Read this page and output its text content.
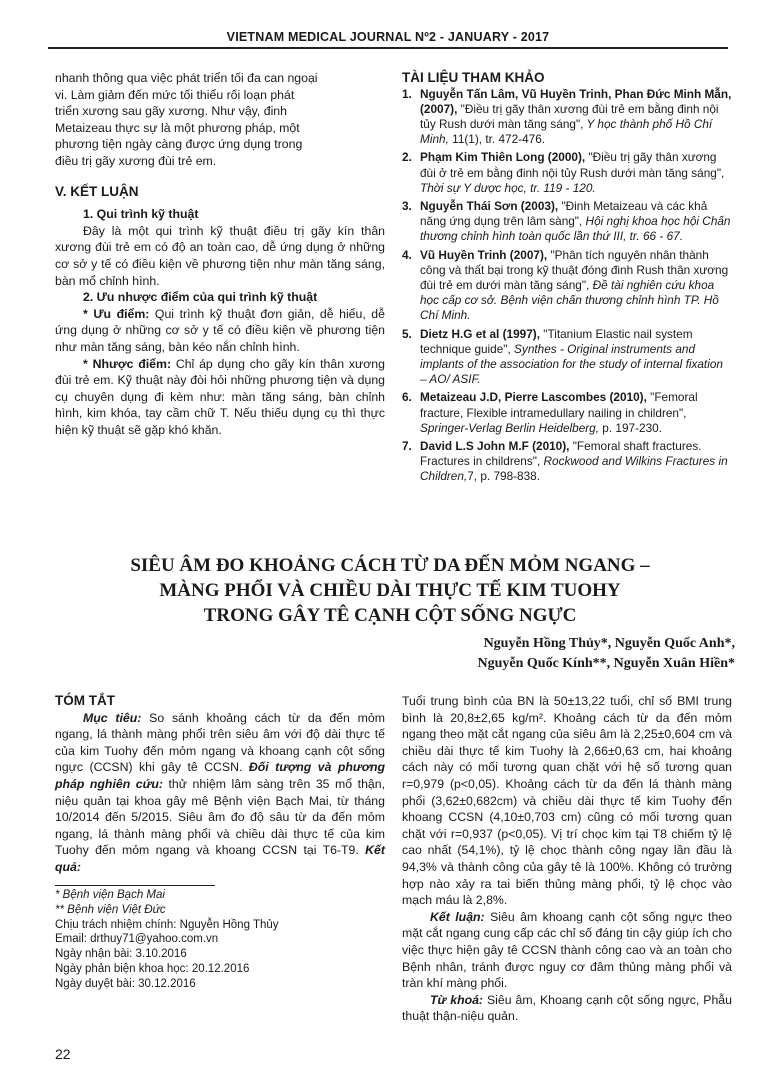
VIETNAM MEDICAL JOURNAL Nº2 - JANUARY - 2017

nhanh thông qua việc phát triển tối đa can ngoại

vi. Làm giảm đến mức tối thiểu rối loạn phát

triển xương sau gãy xương. Như vậy, đinh

Metaizeau thực sự là một phương pháp, một

phương tiện ngày càng được ứng dụng trong

điều trị gãy xương đùi trẻ em.

V. KẾT LUẬN

1. Qui trình kỹ thuật

Đây là một qui trình kỹ thuật điều trị gãy kín thân xương đùi trẻ em có độ an toàn cao, dễ ứng dụng ở những cơ sở y tế có điều kiện về phương tiện như màn tăng sáng, bàn mổ chỉnh hình.

2. Ưu nhược điểm của qui trình kỹ thuật

* Ưu điểm: Qui trình kỹ thuật đơn giản, dễ hiểu, dễ ứng dụng ở những cơ sở y tế có điều kiện về phương tiện như màn tăng sáng, bàn kéo nắn chỉnh hình.

* Nhược điểm: Chỉ áp dụng cho gãy kín thân xương đùi trẻ em. Kỹ thuật này đòi hỏi những phương tiện và dụng cụ chuyên dụng đi kèm như: màn tăng sáng, bàn chỉnh hình, kim khóa, tay cầm chữ T. Nếu thiếu dụng cụ thì thực hiện kỹ thuật sẽ gặp khó khăn.

TÀI LIỆU THAM KHẢO

1. Nguyễn Tấn Lâm, Vũ Huyền Trinh, Phan Đức Minh Mẫn, (2007), "Điều trị gãy thân xương đùi trẻ em bằng đinh nội tủy Rush dưới màn tăng sáng", Y học thành phố Hồ Chí Minh, 11(1), tr. 472-476.
2. Phạm Kim Thiên Long (2000), "Điều trị gãy thân xương đùi ở trẻ em bằng đinh nội tủy Rush dưới màn tăng sáng", Thời sự Y dược học, tr. 119 - 120.
3. Nguyễn Thái Sơn (2003), "Đinh Metaizeau và các khả năng ứng dụng trên lâm sàng", Hội nghị khoa học hội Chấn thương chỉnh hình toàn quốc lần thứ III, tr. 66 - 67.
4. Vũ Huyền Trinh (2007), "Phân tích nguyên nhân thành công và thất bại trong kỹ thuật đóng đinh Rush thân xương đùi trẻ em dưới màn tăng sáng", Đề tài nghiên cứu khoa học cấp cơ sở. Bệnh viện chấn thương chỉnh hình TP. Hồ Chí Minh.
5. Dietz H.G et al (1997), "Titanium Elastic nail system technique guide", Synthes - Original instruments and implants of the association for the study of internal fixation – AO/ ASIF.
6. Metaizeau J.D, Pierre Lascombes (2010), "Femoral fracture, Flexible intramedullary nailing in children", Springer-Verlag Berlin Heidelberg, p. 197-230.
7. David L.S John M.F (2010), "Femoral shaft fractures. Fractures in childrens", Rockwood and Wilkins Fractures in Children,7, p. 798-838.
SIÊU ÂM ĐO KHOẢNG CÁCH TỪ DA ĐẾN MỎM NGANG –
MÀNG PHỔI VÀ CHIỀU DÀI THỰC TẾ KIM TUOHY
TRONG GÂY TÊ CẠNH CỘT SỐNG NGỰC
Nguyễn Hồng Thủy*, Nguyễn Quốc Anh*,
Nguyễn Quốc Kính**, Nguyễn Xuân Hiền*

TÓM TẮT

Mục tiêu: So sánh khoảng cách từ da đến mỏm ngang, lá thành màng phổi trên siêu âm với độ dài thực tế của kim Tuohy đến mỏm ngang và khoang cạnh cột sống ngực (CCSN) khi gây tê CCSN. Đối tượng và phương pháp nghiên cứu: thử nhiệm lâm sàng trên 35 mổ thận, niệu quản tại khoa gây mê Bệnh viện Bạch Mai, từ tháng 10/2014 đến 5/2015. Siêu âm đo độ sâu từ da đến mỏm ngang, lá thành màng phổi và chiều dài thực tế của kim Tuohy đến mỏm ngang và khoang CCSN tại T6-T9. Kết quả:

Tuổi trung bình của BN là 50±13,22 tuổi, chỉ số BMI trung bình là 20,8±2,65 kg/m². Khoảng cách từ da đến mỏm ngang theo mặt cắt ngang của siêu âm là 2,25±0,604 cm và chiều dài thực tế kim Tuohy là 2,66±0,63 cm, hai khoảng cách này có mối tương quan chặt với hệ số tương quan r=0,979 (p<0,05). Khoảng cách từ da đến lá thành màng phổi (3,62±0,682cm) và chiều dài thực tế kim Tuohy đến khoang CCSN (4,10±0,703 cm) cũng có mối tương quan chặt với r=0,937 (p<0,05). Vị trí chọc kim tại T8 chiếm tỷ lệ cao nhất (54,1%), tỷ lệ chọc thành công ngay lần đầu là 94,3% và thành công của gây tê là 100%. Không có trường hợp nào xảy ra tai biến thủng màng phổi, tỷ lệ chọc vào mạch máu là 2,8%.

Kết luận: Siêu âm khoang cạnh cột sống ngực theo mặt cắt ngang cung cấp các chỉ số đáng tin cậy giúp ích cho việc thực hiện gây tê CCSN thành công cao và an toàn cho Bệnh nhân, tránh được nguy cơ đâm thủng màng phổi và tràn khí màng phổi.

Từ khoá: Siêu âm, Khoang cạnh cột sống ngực, Phẫu thuật thận-niệu quản.

* Bệnh viện Bạch Mai
** Bệnh viện Việt Đức
Chịu trách nhiệm chính: Nguyễn Hồng Thủy
Email: drthuy71@yahoo.com.vn
Ngày nhận bài: 3.10.2016
Ngày phản biện khoa học: 20.12.2016
Ngày duyệt bài: 30.12.2016
22
